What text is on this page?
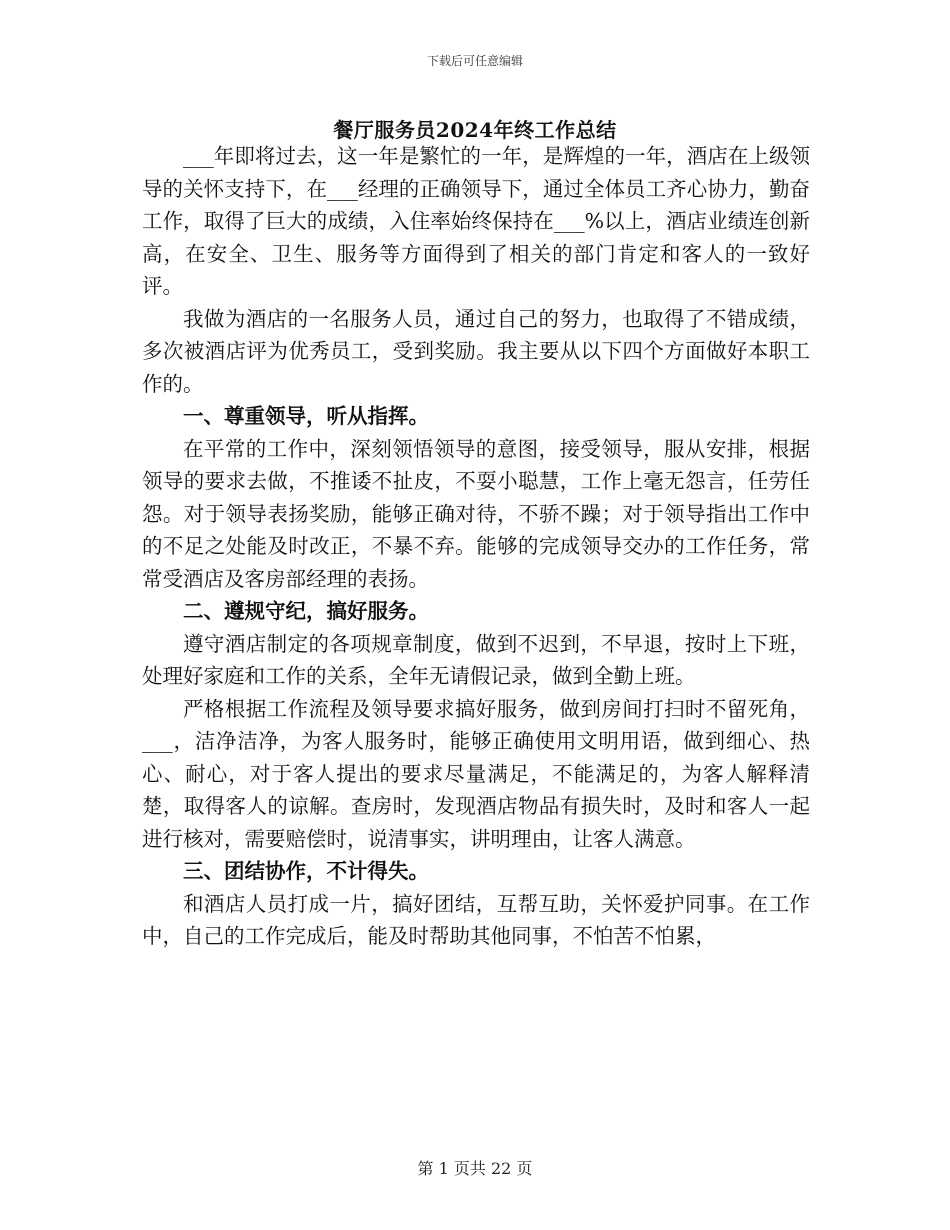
下载后可任意编辑
餐厅服务员2024年终工作总结

___年即将过去，这一年是繁忙的一年，是辉煌的一年，酒店在上级领导的关怀支持下，在___经理的正确领导下，通过全体员工齐心协力，勤奋工作，取得了巨大的成绩，入住率始终保持在___%以上，酒店业绩连创新高，在安全、卫生、服务等方面得到了相关的部门肯定和客人的一致好评。

我做为酒店的一名服务人员，通过自己的努力，也取得了不错成绩，多次被酒店评为优秀员工，受到奖励。我主要从以下四个方面做好本职工作的。

一、尊重领导，听从指挥。

在平常的工作中，深刻领悟领导的意图，接受领导，服从安排，根据领导的要求去做，不推诿不扯皮，不耍小聪慧，工作上毫无怨言，任劳任怨。对于领导表扬奖励，能够正确对待，不骄不躁；对于领导指出工作中的不足之处能及时改正，不暴不弃。能够的完成领导交办的工作任务，常常受酒店及客房部经理的表扬。

二、遵规守纪，搞好服务。

遵守酒店制定的各项规章制度，做到不迟到，不早退，按时上下班，处理好家庭和工作的关系，全年无请假记录，做到全勤上班。

严格根据工作流程及领导要求搞好服务，做到房间打扫时不留死角，___，洁净洁净，为客人服务时，能够正确使用文明用语，做到细心、热心、耐心，对于客人提出的要求尽量满足，不能满足的，为客人解释清楚，取得客人的谅解。查房时，发现酒店物品有损失时，及时和客人一起进行核对，需要赔偿时，说清事实，讲明理由，让客人满意。

三、团结协作，不计得失。

和酒店人员打成一片，搞好团结，互帮互助，关怀爱护同事。在工作中，自己的工作完成后，能及时帮助其他同事，不怕苦不怕累，

第 1 页共 22 页
